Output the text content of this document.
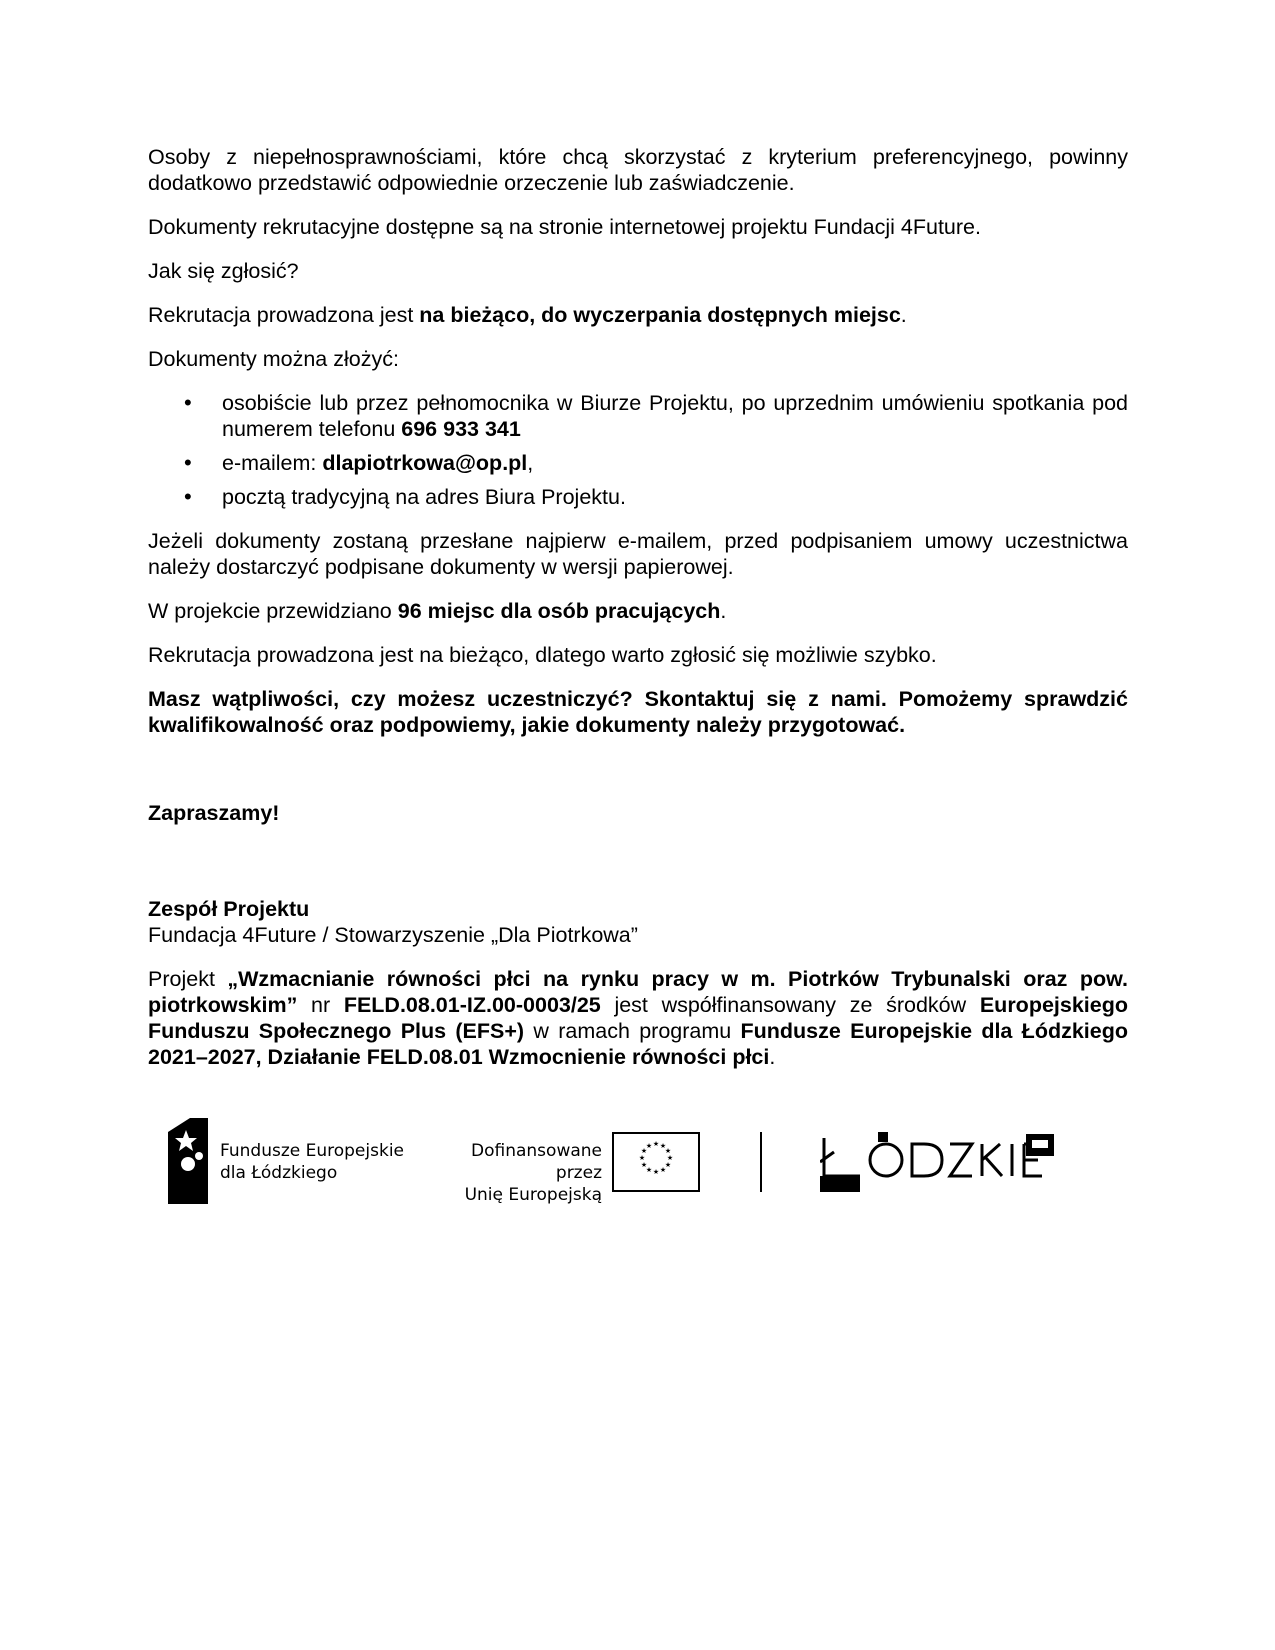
Osoby z niepełnosprawnościami, które chcą skorzystać z kryterium preferencyjnego, powinny dodatkowo przedstawić odpowiednie orzeczenie lub zaświadczenie.

Dokumenty rekrutacyjne dostępne są na stronie internetowej projektu Fundacji 4Future.

Jak się zgłosić?

Rekrutacja prowadzona jest na bieżąco, do wyczerpania dostępnych miejsc.

Dokumenty można złożyć:

• osobiście lub przez pełnomocnika w Biurze Projektu, po uprzednim umówieniu spotkania pod numerem telefonu 696 933 341
• e-mailem: dlapiotrkowa@op.pl,
• pocztą tradycyjną na adres Biura Projektu.

Jeżeli dokumenty zostaną przesłane najpierw e-mailem, przed podpisaniem umowy uczestnictwa należy dostarczyć podpisane dokumenty w wersji papierowej.

W projekcie przewidziano 96 miejsc dla osób pracujących.

Rekrutacja prowadzona jest na bieżąco, dlatego warto zgłosić się możliwie szybko.

Masz wątpliwości, czy możesz uczestniczyć? Skontaktuj się z nami. Pomożemy sprawdzić kwalifikowalność oraz podpowiemy, jakie dokumenty należy przygotować.

Zapraszamy!

Zespół Projektu

Fundacja 4Future / Stowarzyszenie „Dla Piotrkowa”

Projekt „Wzmacnianie równości płci na rynku pracy w m. Piotrków Trybunalski oraz pow. piotrkowskim” nr FELD.08.01-IZ.00-0003/25 jest współfinansowany ze środków Europejskiego Funduszu Społecznego Plus (EFS+) w ramach programu Fundusze Europejskie dla Łódzkiego 2021–2027, Działanie FELD.08.01 Wzmocnienie równości płci.

Fundusze Europejskie
dla Łódzkiego
Dofinansowane przez
Unię Europejską
★ ★
★
★
★
★
★
★
★
★
★
★
